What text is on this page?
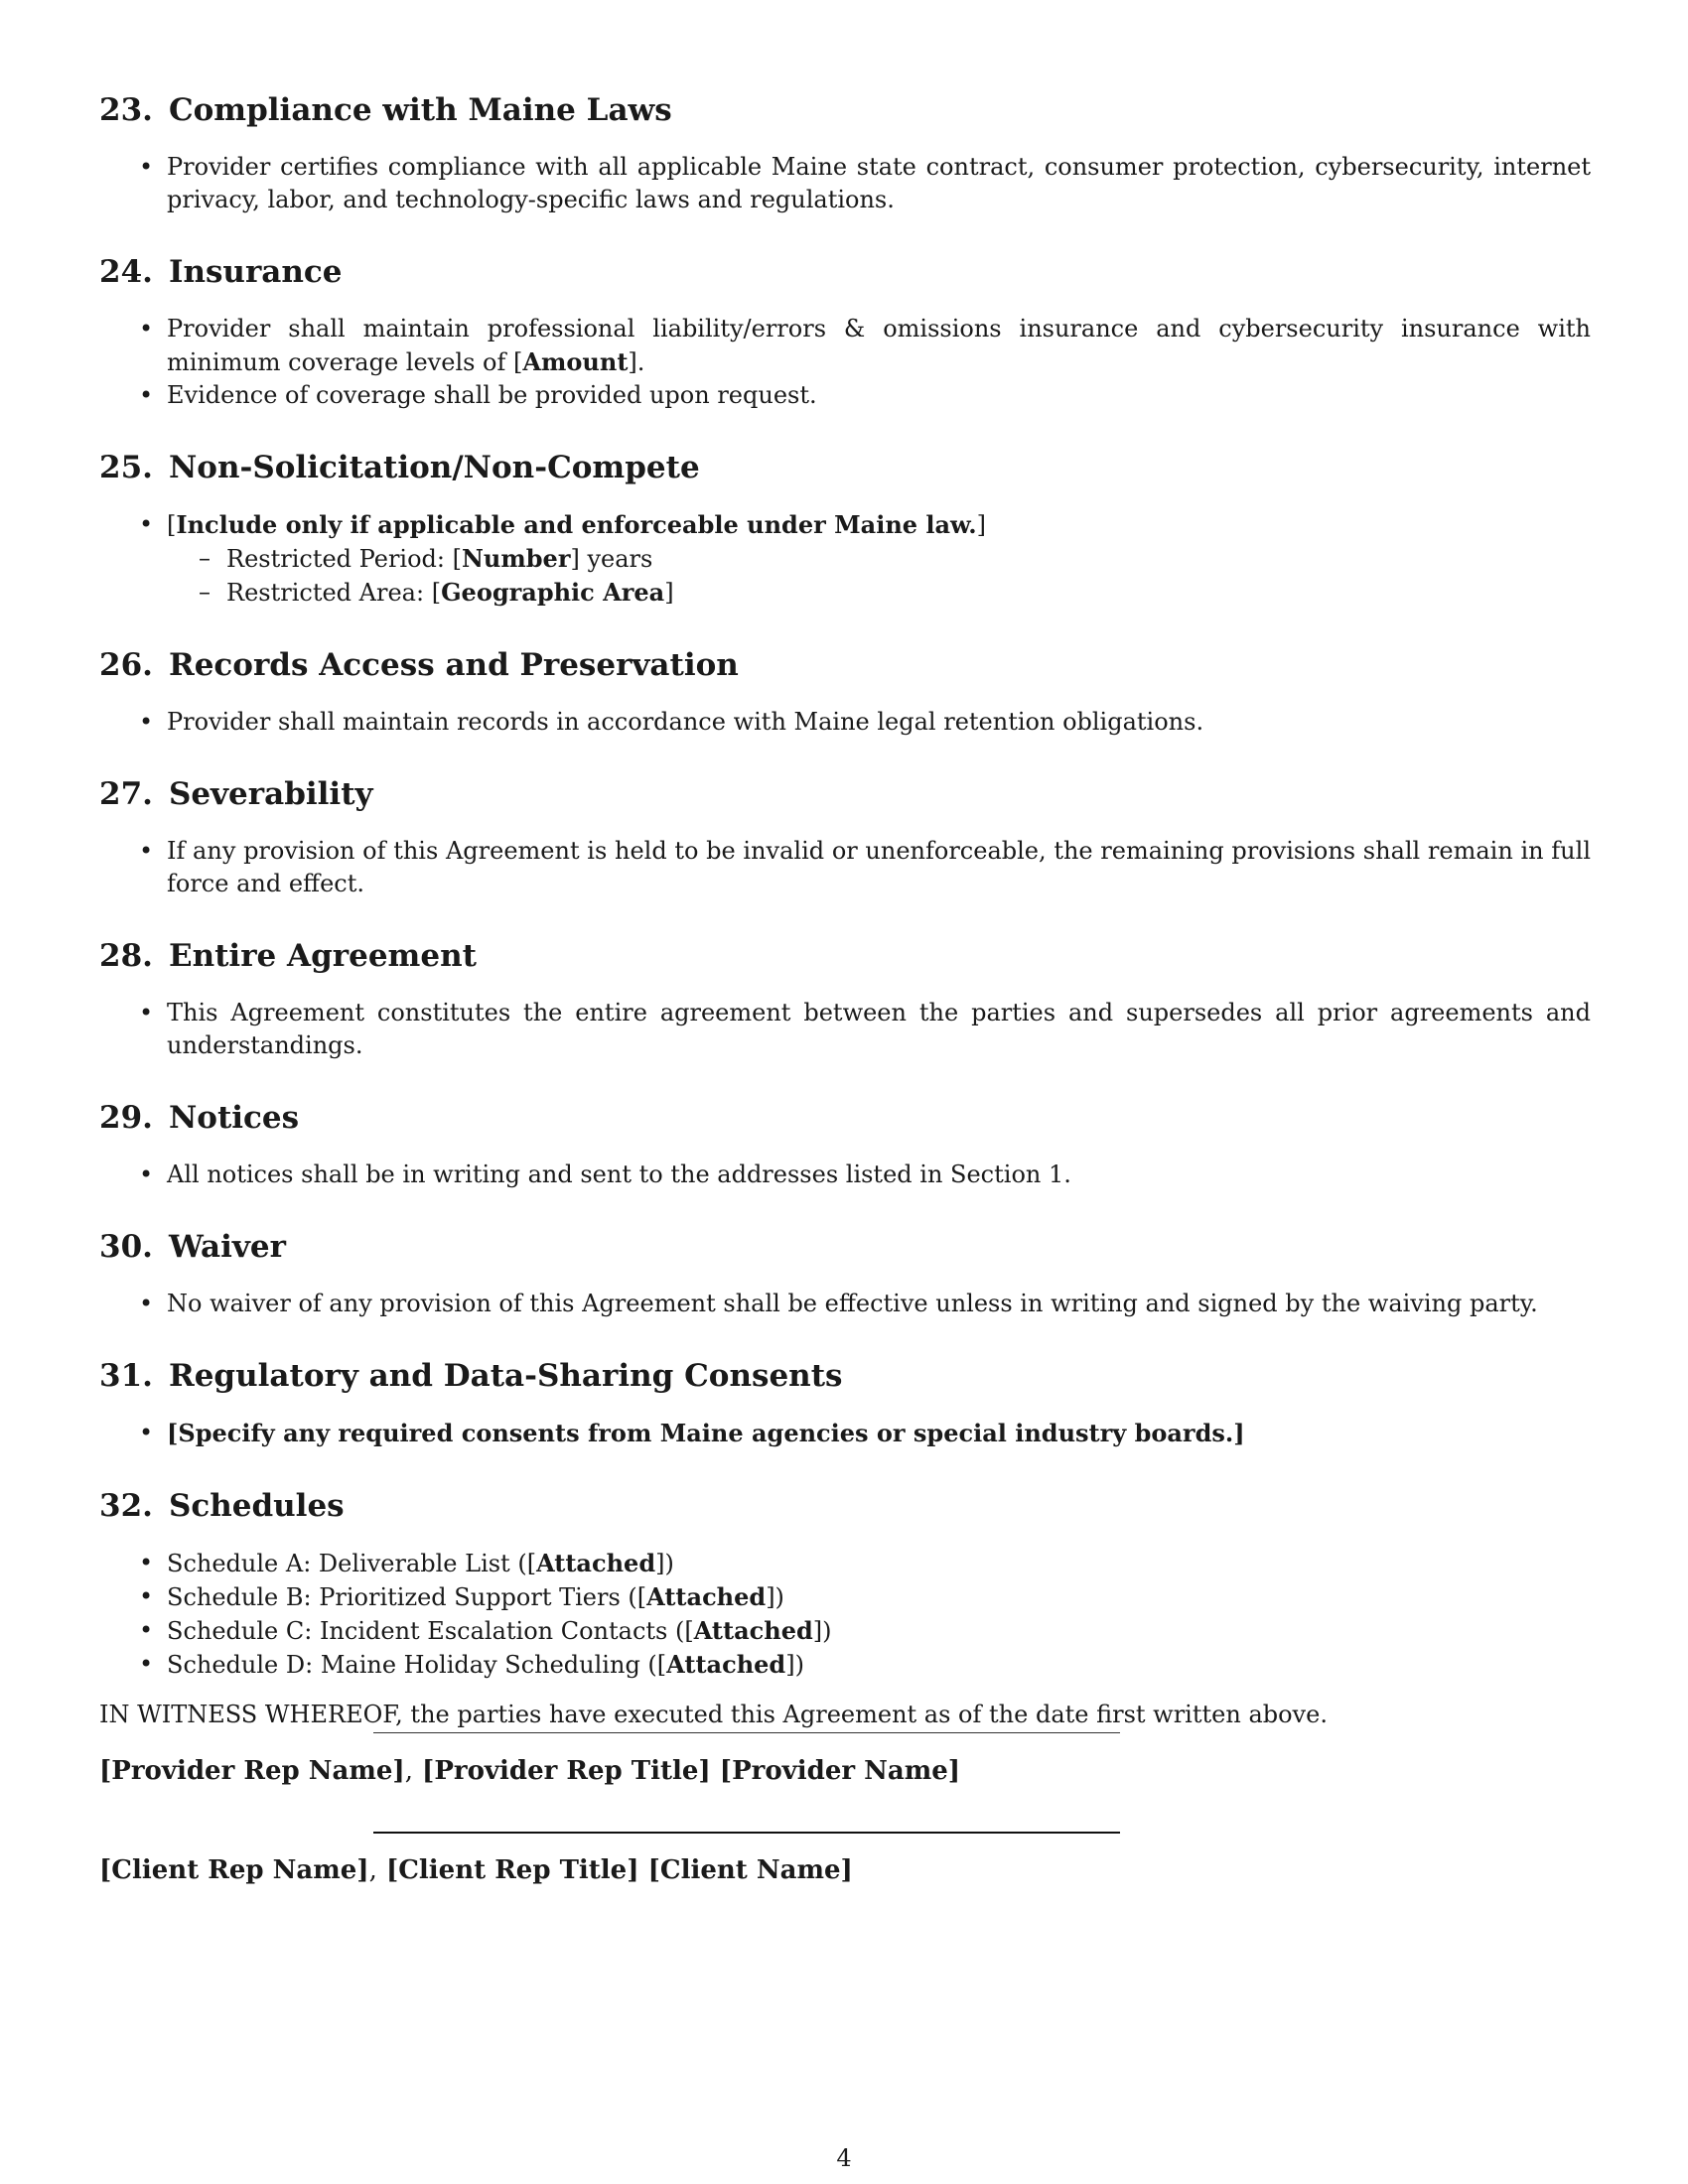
23. Compliance with Maine Laws
• Provider certifies compliance with all applicable Maine state contract, consumer protection, cybersecurity, internet privacy, labor, and technology-specific laws and regulations.
24. Insurance
• Provider shall maintain professional liability/errors & omissions insurance and cybersecurity insurance with minimum coverage levels of [Amount].
• Evidence of coverage shall be provided upon request.
25. Non-Solicitation/Non-Compete
• [Include only if applicable and enforceable under Maine law.]
– Restricted Period: [Number] years
– Restricted Area: [Geographic Area]
26. Records Access and Preservation
• Provider shall maintain records in accordance with Maine legal retention obligations.
27. Severability
• If any provision of this Agreement is held to be invalid or unenforceable, the remaining provisions shall remain in full force and effect.
28. Entire Agreement
• This Agreement constitutes the entire agreement between the parties and supersedes all prior agreements and understandings.
29. Notices
• All notices shall be in writing and sent to the addresses listed in Section 1.
30. Waiver
• No waiver of any provision of this Agreement shall be effective unless in writing and signed by the waiving party.
31. Regulatory and Data-Sharing Consents
• [Specify any required consents from Maine agencies or special industry boards.]
32. Schedules
• Schedule A: Deliverable List ([Attached])
• Schedule B: Prioritized Support Tiers ([Attached])
• Schedule C: Incident Escalation Contacts ([Attached])
• Schedule D: Maine Holiday Scheduling ([Attached])
IN WITNESS WHEREOF, the parties have executed this Agreement as of the date first written above.
[Provider Rep Name], [Provider Rep Title] [Provider Name]
[Client Rep Name], [Client Rep Title] [Client Name]
4
